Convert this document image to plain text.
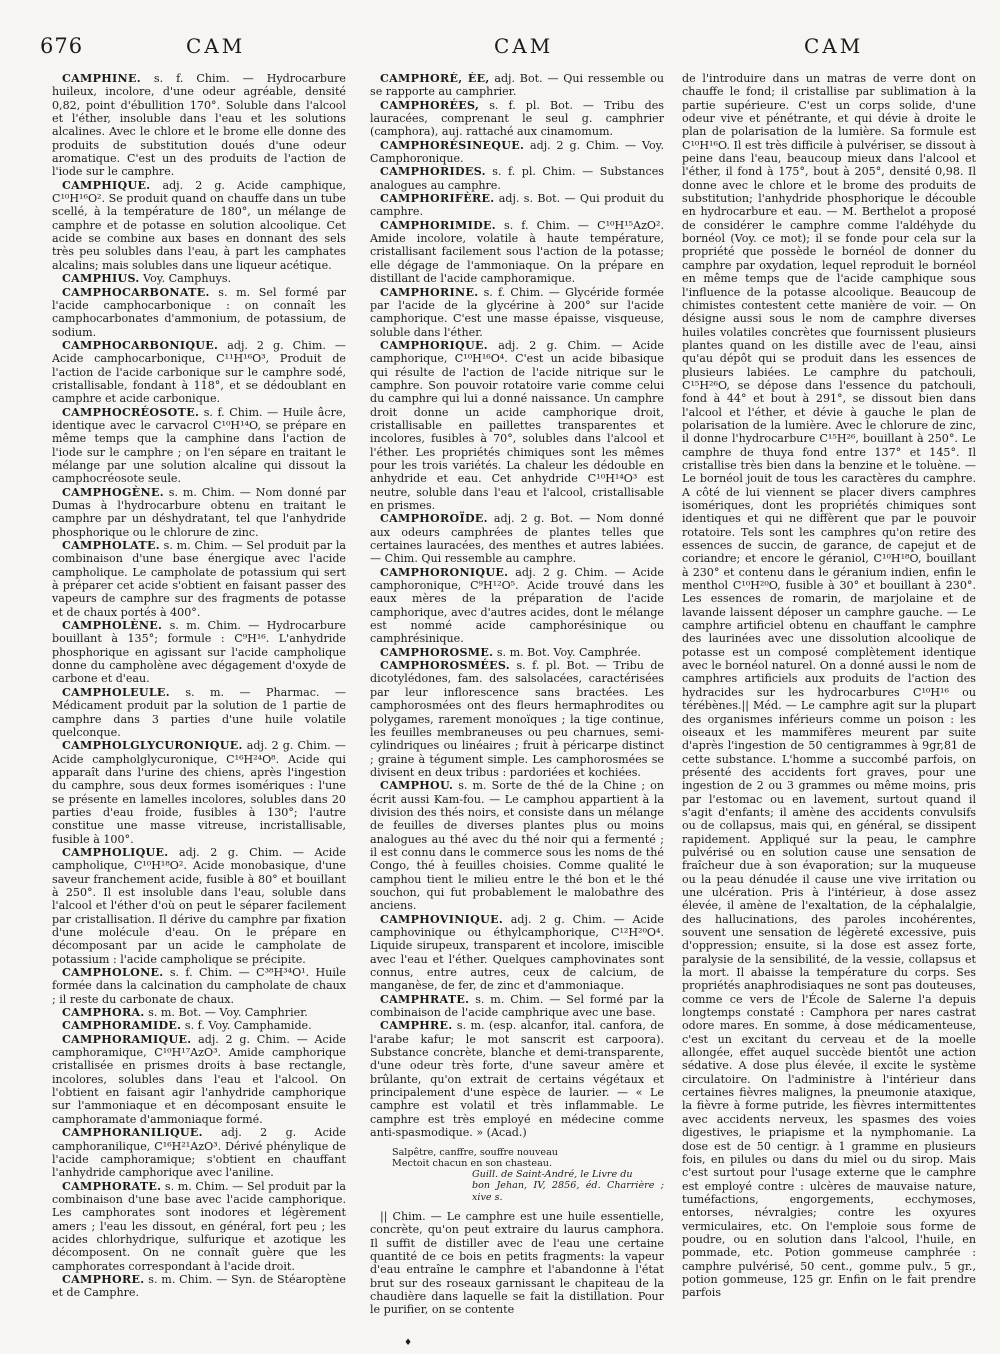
676	CAM	CAM	CAM

CAMPHINE. s. f. Chim. — Hydrocarbure huileux, incolore, d'une odeur agréable, densité 0,82, point d'ébullition 170°. Soluble dans l'alcool et l'éther, insoluble dans l'eau et les solutions alcalines. Avec le chlore et le brome elle donne des produits de substitution doués d'une odeur aromatique. C'est un des produits de l'action de l'iode sur le camphre.

CAMPHIQUE. adj. 2 g. Acide camphique, C¹⁰H¹⁶O². Se produit quand on chauffe dans un tube scellé, à la température de 180°, un mélange de camphre et de potasse en solution alcoolique. Cet acide se combine aux bases en donnant des sels très peu solubles dans l'eau, à part les camphates alcalins; mais solubles dans une liqueur acétique.

CAMPHIUS. Voy. Camphuys.

CAMPHOCARBONATE. s. m. Sel formé par l'acide camphocarbonique : on connaît les camphocarbonates d'ammonium, de potassium, de sodium.

CAMPHOCARBONIQUE. adj. 2 g. Chim. — Acide camphocarbonique, C¹¹H¹⁶O³, Produit de l'action de l'acide carbonique sur le camphre sodé, cristallisable, fondant à 118°, et se dédoublant en camphre et acide carbonique.

CAMPHOCRÉOSOTE. s. f. Chim. — Huile âcre, identique avec le carvacrol C¹⁰H¹⁴O, se prépare en même temps que la camphine dans l'action de l'iode sur le camphre ; on l'en sépare en traitant le mélange par une solution alcaline qui dissout la camphocréosote seule.

CAMPHOGÈNE. s. m. Chim. — Nom donné par Dumas à l'hydrocarbure obtenu en traitant le camphre par un déshydratant, tel que l'anhydride phosphorique ou le chlorure de zinc.

CAMPHOLATE. s. m. Chim. — Sel produit par la combinaison d'une base énergique avec l'acide campholique. Le campholate de potassium qui sert à préparer cet acide s'obtient en faisant passer des vapeurs de camphre sur des fragments de potasse et de chaux portés à 400°.

CAMPHOLÈNE. s. m. Chim. — Hydrocarbure bouillant à 135°; formule : C⁹H¹⁶. L'anhydride phosphorique en agissant sur l'acide campholique donne du campholène avec dégagement d'oxyde de carbone et d'eau.

CAMPHOLEULE. s. m. — Pharmac. — Médicament produit par la solution de 1 partie de camphre dans 3 parties d'une huile volatile quelconque.

CAMPHOLGLYCURONIQUE. adj. 2 g. Chim. — Acide campholglycuronique, C¹⁶H²⁴O⁸. Acide qui apparaît dans l'urine des chiens, après l'ingestion du camphre, sous deux formes isomériques : l'une se présente en lamelles incolores, solubles dans 20 parties d'eau froide, fusibles à 130°; l'autre constitue une masse vitreuse, incristallisable, fusible à 100°.

CAMPHOLIQUE. adj. 2 g. Chim. — Acide campholique, C¹⁰H¹⁸O². Acide monobasique, d'une saveur franchement acide, fusible à 80° et bouillant à 250°. Il est insoluble dans l'eau, soluble dans l'alcool et l'éther d'où on peut le séparer facilement par cristallisation. Il dérive du camphre par fixation d'une molécule d'eau. On le prépare en décomposant par un acide le campholate de potassium : l'acide campholique se précipite.

CAMPHOLONE. s. f. Chim. — C³⁸H³⁴O¹. Huile formée dans la calcination du campholate de chaux ; il reste du carbonate de chaux.

CAMPHORA. s. m. Bot. — Voy. Camphrier.

CAMPHORAMIDE. s. f. Voy. Camphamide.

CAMPHORAMIQUE. adj. 2 g. Chim. — Acide camphoramique, C¹⁰H¹⁷AzO³. Amide camphorique cristallisée en prismes droits à base rectangle, incolores, solubles dans l'eau et l'alcool. On l'obtient en faisant agir l'anhydride camphorique sur l'ammoniaque et en décomposant ensuite le camphoramate d'ammoniaque formé.

CAMPHORANILIQUE. adj. 2 g. Acide camphoranilique, C¹⁶H²¹AzO³. Dérivé phénylique de l'acide camphoramique; s'obtient en chauffant l'anhydride camphorique avec l'aniline.

CAMPHORATE. s. m. Chim. — Sel produit par la combinaison d'une base avec l'acide camphorique. Les camphorates sont inodores et légèrement amers ; l'eau les dissout, en général, fort peu ; les acides chlorhydrique, sulfurique et azotique les décomposent. On ne connaît guère que les camphorates correspondant à l'acide droit.

CAMPHORE. s. m. Chim. — Syn. de Stéaroptène et de Camphre.

CAMPHORÉ, ÉE, adj. Bot. — Qui ressemble ou se rapporte au camphrier.

CAMPHORÉES, s. f. pl. Bot. — Tribu des lauracées, comprenant le seul g. camphrier (camphora), auj. rattaché aux cinamomum.

CAMPHORÉSINEQUE. adj. 2 g. Chim. — Voy. Camphoronique.

CAMPHORIDES. s. f. pl. Chim. — Substances analogues au camphre.

CAMPHORIFÈRE. adj. s. Bot. — Qui produit du camphre.

CAMPHORIMIDE. s. f. Chim. — C¹⁰H¹⁵AzO². Amide incolore, volatile à haute température, cristallisant facilement sous l'action de la potasse; elle dégage de l'ammoniaque. On la prépare en distillant de l'acide camphoramique.

CAMPHORINE. s. f. Chim. — Glycéride formée par l'acide de la glycérine à 200° sur l'acide camphorique. C'est une masse épaisse, visqueuse, soluble dans l'éther.

CAMPHORIQUE. adj. 2 g. Chim. — Acide camphorique, C¹⁰H¹⁶O⁴. C'est un acide bibasique qui résulte de l'action de l'acide nitrique sur le camphre. Son pouvoir rotatoire varie comme celui du camphre qui lui a donné naissance. Un camphre droit donne un acide camphorique droit, cristallisable en paillettes transparentes et incolores, fusibles à 70°, solubles dans l'alcool et l'éther. Les propriétés chimiques sont les mêmes pour les trois variétés. La chaleur les dédouble en anhydride et eau. Cet anhydride C¹⁰H¹⁴O³ est neutre, soluble dans l'eau et l'alcool, cristallisable en prismes.

CAMPHOROÏDE. adj. 2 g. Bot. — Nom donné aux odeurs camphrées de plantes telles que certaines lauracées, des menthes et autres labiées. — Chim. Qui ressemble au camphre.

CAMPHORONIQUE. adj. 2 g. Chim. — Acide camphoronique, C⁹H¹²O⁵. Acide trouvé dans les eaux mères de la préparation de l'acide camphorique, avec d'autres acides, dont le mélange est nommé acide camphorésinique ou camphrésinique.

CAMPHOROSME. s. m. Bot. Voy. Camphrée.

CAMPHOROSMÉES. s. f. pl. Bot. — Tribu de dicotylédones, fam. des salsolacées, caractérisées par leur inflorescence sans bractées. Les camphorosmées ont des fleurs hermaphrodites ou polygames, rarement monoïques ; la tige continue, les feuilles membraneuses ou peu charnues, semi-cylindriques ou linéaires ; fruit à péricarpe distinct ; graine à tégument simple. Les camphorosmées se divisent en deux tribus : pardoriées et kochiées.

CAMPHOU. s. m. Sorte de thé de la Chine ; on écrit aussi Kam-fou. — Le camphou appartient à la division des thés noirs, et consiste dans un mélange de feuilles de diverses plantes plus ou moins analogues au thé avec du thé noir qui a fermenté ; il est connu dans le commerce sous les noms de thé Congo, thé à feuilles choisies. Comme qualité le camphou tient le milieu entre le thé bon et le thé souchon, qui fut probablement le malobathre des anciens.

CAMPHOVINIQUE. adj. 2 g. Chim. — Acide camphovinique ou éthylcamphorique, C¹²H²⁰O⁴. Liquide sirupeux, transparent et incolore, imiscible avec l'eau et l'éther. Quelques camphovinates sont connus, entre autres, ceux de calcium, de manganèse, de fer, de zinc et d'ammoniaque.

CAMPHRATE. s. m. Chim. — Sel formé par la combinaison de l'acide camphrique avec une base.

CAMPHRE. s. m. (esp. alcanfor, ital. canfora, de l'arabe kafur; le mot sanscrit est carpoora). Substance concrète, blanche et demi-transparente, d'une odeur très forte, d'une saveur amère et brûlante, qu'on extrait de certains végétaux et principalement d'une espèce de laurier. — « Le camphre est volatil et très inflammable. Le camphre est très employé en médecine comme anti-spasmodique. » (Acad.)

Salpêtre, canffre, souffre nouveau
Mectoit chacun en son chasteau.
Guill. de Saint-André, le Livre du
bon Jehan, IV, 2856, éd. Charrière ; xive s.

|| Chim. — Le camphre est une huile essentielle, concrète, qu'on peut extraire du laurus camphora. Il suffit de distiller avec de l'eau une certaine quantité de ce bois en petits fragments: la vapeur d'eau entraîne le camphre et l'abandonne à l'état brut sur des roseaux garnissant le chapiteau de la chaudière dans laquelle se fait la distillation. Pour le purifier, on se contente

de l'introduire dans un matras de verre dont on chauffe le fond; il cristallise par sublimation à la partie supérieure. C'est un corps solide, d'une odeur vive et pénétrante, et qui dévie à droite le plan de polarisation de la lumière. Sa formule est C¹⁰H¹⁶O. Il est très difficile à pulvériser, se dissout à peine dans l'eau, beaucoup mieux dans l'alcool et l'éther, il fond à 175°, bout à 205°, densité 0,98. Il donne avec le chlore et le brome des produits de substitution; l'anhydride phosphorique le découble en hydrocarbure et eau. — M. Berthelot a proposé de considérer le camphre comme l'aldéhyde du bornéol (Voy. ce mot); il se fonde pour cela sur la propriété que possède le bornéol de donner du camphre par oxydation, lequel reproduit le bornéol en même temps que de l'acide camphique sous l'influence de la potasse alcoolique. Beaucoup de chimistes contestent cette manière de voir. — On désigne aussi sous le nom de camphre diverses huiles volatiles concrètes que fournissent plusieurs plantes quand on les distille avec de l'eau, ainsi qu'au dépôt qui se produit dans les essences de plusieurs labiées. Le camphre du patchouli, C¹⁵H²⁶O, se dépose dans l'essence du patchouli, fond à 44° et bout à 291°, se dissout bien dans l'alcool et l'éther, et dévie à gauche le plan de polarisation de la lumière. Avec le chlorure de zinc, il donne l'hydrocarbure C¹⁵H²⁶, bouillant à 250°. Le camphre de thuya fond entre 137° et 145°. Il cristallise très bien dans la benzine et le toluène. — Le bornéol jouit de tous les caractères du camphre. A côté de lui viennent se placer divers camphres isomériques, dont les propriétés chimiques sont identiques et qui ne diffèrent que par le pouvoir rotatoire. Tels sont les camphres qu'on retire des essences de succin, de garance, de capejut et de coriandre; et encore le géraniol, C¹⁰H¹⁸O, bouillant à 230° et contenu dans le géranium indien, enfin le menthol C¹⁰H²⁰O, fusible à 30° et bouillant à 230°. Les essences de romarin, de marjolaine et de lavande laissent déposer un camphre gauche. — Le camphre artificiel obtenu en chauffant le camphre des laurinées avec une dissolution alcoolique de potasse est un composé complètement identique avec le bornéol naturel. On a donné aussi le nom de camphres artificiels aux produits de l'action des hydracides sur les hydrocarbures C¹⁰H¹⁶ ou térébènes.|| Méd. — Le camphre agit sur la plupart des organismes inférieurs comme un poison : les oiseaux et les mammifères meurent par suite d'après l'ingestion de 50 centigrammes à 9gr,81 de cette substance. L'homme a succombé parfois, on présenté des accidents fort graves, pour une ingestion de 2 ou 3 grammes ou même moins, pris par l'estomac ou en lavement, surtout quand il s'agit d'enfants; il amène des accidents convulsifs ou de collapsus, mais qui, en général, se dissipent rapidement. Appliqué sur la peau, le camphre pulvérisé ou en solution cause une sensation de fraîcheur due à son évaporation; sur la muqueuse ou la peau dénudée il cause une vive irritation ou une ulcération. Pris à l'intérieur, à dose assez élevée, il amène de l'exaltation, de la céphalalgie, des hallucinations, des paroles incohérentes, souvent une sensation de légèreté excessive, puis d'oppression; ensuite, si la dose est assez forte, paralysie de la sensibilité, de la vessie, collapsus et la mort. Il abaisse la température du corps. Ses propriétés anaphrodisiaques ne sont pas douteuses, comme ce vers de l'École de Salerne l'a depuis longtemps constaté : Camphora per nares castrat odore mares. En somme, à dose médicamenteuse, c'est un excitant du cerveau et de la moelle allongée, effet auquel succède bientôt une action sédative. A dose plus élevée, il excite le système circulatoire. On l'administre à l'intérieur dans certaines fièvres malignes, la pneumonie ataxique, la fièvre à forme putride, les fièvres intermittentes avec accidents nerveux, les spasmes des voies digestives, le priapisme et la nymphomanie. La dose est de 50 centigr. à 1 gramme en plusieurs fois, en pilules ou dans du miel ou du sirop. Mais c'est surtout pour l'usage externe que le camphre est employé contre : ulcères de mauvaise nature, tuméfactions, engorgements, ecchymoses, entorses, névralgies; contre les oxyures vermiculaires, etc. On l'emploie sous forme de poudre, ou en solution dans l'alcool, l'huile, en pommade, etc. Potion gommeuse camphrée : camphre pulvérisé, 50 cent., gomme pulv., 5 gr., potion gommeuse, 125 gr. Enfin on le fait prendre parfois

♦
